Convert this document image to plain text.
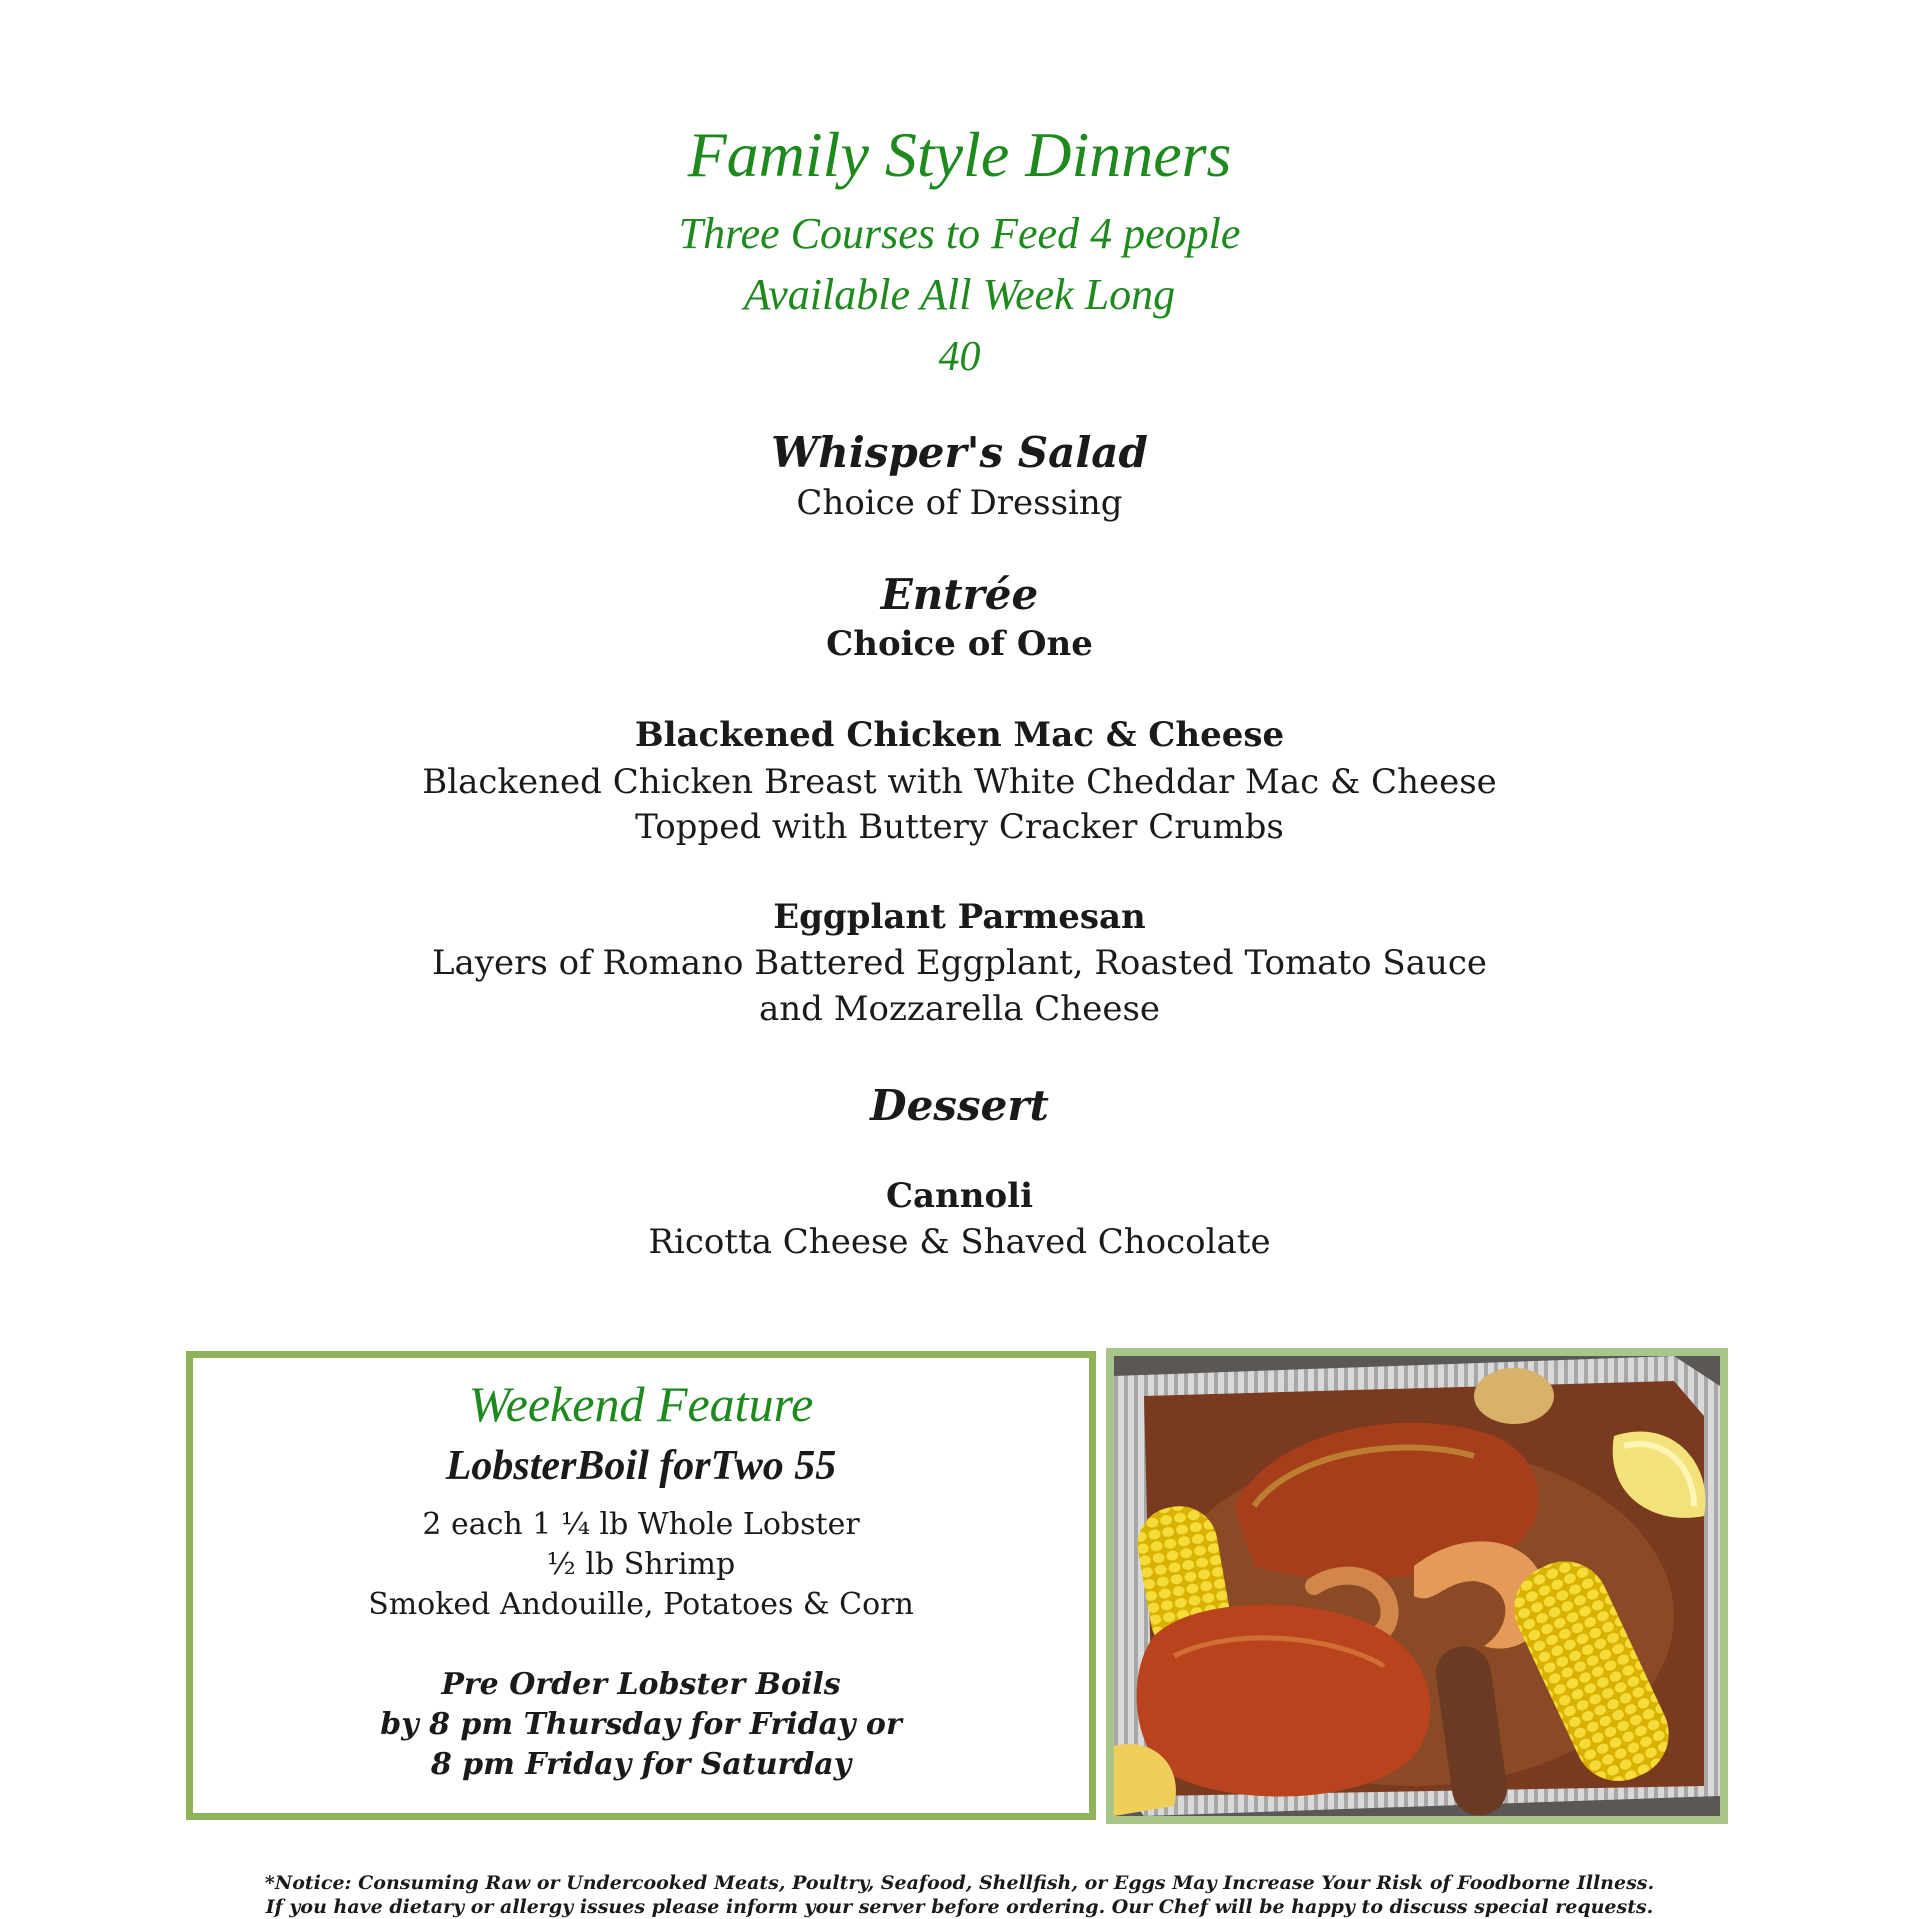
Family Style Dinners
Three Courses to Feed 4 people
Available All Week Long
40
Whisper's Salad
Choice of Dressing
Entrée
Choice of One
Blackened Chicken Mac & Cheese
Blackened Chicken Breast with White Cheddar Mac & Cheese
Topped with Buttery Cracker Crumbs
Eggplant Parmesan
Layers of Romano Battered Eggplant, Roasted Tomato Sauce
and Mozzarella Cheese
Dessert
Cannoli
Ricotta Cheese & Shaved Chocolate
Weekend Feature
LobsterBoil forTwo 55
2 each 1 ¼ lb Whole Lobster
½ lb Shrimp
Smoked Andouille, Potatoes & Corn
Pre Order Lobster Boils
by 8 pm Thursday for Friday or
8 pm Friday for Saturday
*Notice: Consuming Raw or Undercooked Meats, Poultry, Seafood, Shellfish, or Eggs May Increase Your Risk of Foodborne Illness.
If you have dietary or allergy issues please inform your server before ordering. Our Chef will be happy to discuss special requests.
